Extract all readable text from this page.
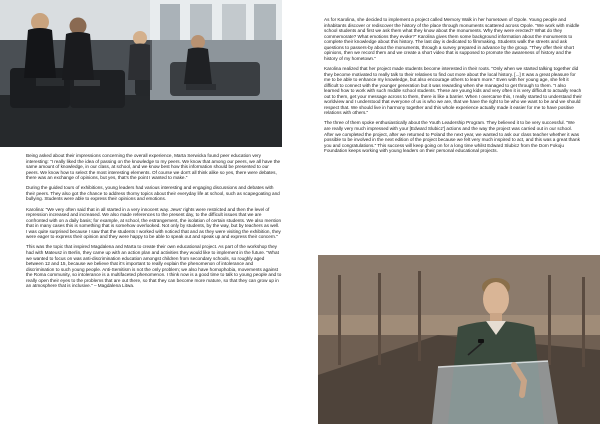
Being asked about their impressions concerning the overall experience, Marta Serwicka found peer education very interesting: "I really liked the idea of passing on the knowledge to my peers. We know that among our peers, we all have the same amount of knowledge, in our class, at school, and we know best how this information should be presented to our peers. We know how to select the most interesting elements. Of course we don't all think alike so yes, there were debates, there was an exchange of opinions, but yes, that's the point I wanted to make."

During the guided tours of exhibitions, young leaders had various interesting and engaging discussions and debates with their peers. They also got the chance to address thorny topics about their everyday life at school, such as scapegoating and bullying. Students were able to express their opinions and emotions.

Karolina: "We very often said that in all started in a very innocent way. Jews' rights were restricted and then the level of repression increased and increased. We also made references to the present day, to the difficult issues that we are confronted with on a daily basis; for example, at school, the estrangement, the isolation of certain students. We also mention that in many cases this is something that is somehow overlooked. Not only by students, by the way, but by teachers as well. I was quite surprised because I saw that the students I worked with noticed that and as they were visiting the exhibition, they were eager to express their opinion and they were happy to be able to speak out and speak up and express their concern."

This was the topic that inspired Magdalena and Marta to create their own educational project. As part of the workshop they had with Mateusz in Berlin, they came up with an action plan and activities they would like to implement in the future. "What we wanted to focus on was anti-discrimination education amongst children from secondary schools, so roughly aged between 12 and 15, because we believe that it's important to really explain the phenomenon of intolerance and discrimination to such young people. Anti-Semitism is not the only problem; we also have homophobia, movements against the Roma community, so intolerance is a multifaceted phenomenon. I think now is a good time to talk to young people and to really open their eyes to the problems that are out there, so that they can become more mature, so that they can grow up in an atmosphere that is inclusive." – Magdalena Litwa.

As for Karolina, she decided to implement a project called Memory Walk in her hometown of Opole. Young people and inhabitants discover or rediscover the history of the place through monuments scattered across Opole. "We work with middle school students and first we ask them what they know about the monuments. Why they were erected? What do they commemorate? What emotions they evoke?" Karolina gives them some background information about the monuments to complete their knowledge about this history. The last day is dedicated to filmmaking. Students walk the streets and ask questions to passers-by about the monuments, through a survey prepared in advance by the group. "They offer their short opinions, then we record them and we create a short video that is supposed to promote the awareness of history and the history of my hometown."

Karolina realized that her project made students become interested in their roots. "Only when we started talking together did they become motivated to really talk to their relatives to find out more about the local history. [...] It was a great pleasure for me to be able to enhance my knowledge, but also encourage others to learn more." Even with her young age, she felt it difficult to connect with the younger generation but it was rewarding when she managed to get through to them. "I also learned how to work with such middle school students. These are young kids and very often it is very difficult to actually reach out to them, get your message across to them, there is like a barrier. When I overcame this, I really started to understand their worldview and I understood that everyone of us is who we are, that we have the right to be who we want to be and we should respect that. We should live in harmony together and this whole experience actually made it easier for me to have positive relations with others."

The three of them spoke enthusiastically about the Youth Leadership Program. They believed it to be very successful. "We are really very much impressed with your [Edward Slubicz'] actions and the way the project was carried out in our school. After we completed the project, after we returned to Poland the next year, we wanted to ask our class teacher whether it was possible to be involved in the next edition of the project because we felt very much inspired to act, and this was a great thank you and congratulations." This success will keep going on for a long time whilst Edward Slubicz from the Dom Fokoju Foundation keeps working with young leaders on their personal educational projects.
